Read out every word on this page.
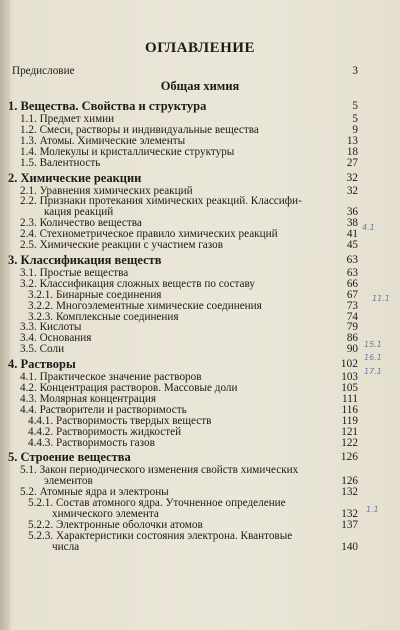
ОГЛАВЛЕНИЕ
Предисловие	3
Общая химия
1. Вещества. Свойства и структура	5
1.1. Предмет химии	5
1.2. Смеси, растворы и индивидуальные вещества	9
1.3. Атомы. Химические элементы	13
1.4. Молекулы и кристаллические структуры	18
1.5. Валентность	27
2. Химические реакции	32
2.1. Уравнения химических реакций	32
2.2. Признаки протекания химических реакций. Классифи-
кация реакций	36
2.3. Количество вещества	38
2.4. Стехиометрическое правило химических реакций	41
2.5. Химические реакции с участием газов	45
3. Классификация веществ	63
3.1. Простые вещества	63
3.2. Классификация сложных веществ по составу	66
3.2.1. Бинарные соединения	67
3.2.2. Многоэлементные химические соединения	73
3.2.3. Комплексные соединения	74
3.3. Кислоты	79
3.4. Основания	86
3.5. Соли	90
4. Растворы	102
4.1. Практическое значение растворов	103
4.2. Концентрация растворов. Массовые доли	105
4.3. Молярная концентрация	111
4.4. Растворители и растворимость	116
4.4.1. Растворимость твердых веществ	119
4.4.2. Растворимость жидкостей	121
4.4.3. Растворимость газов	122
5. Строение вещества	126
5.1. Закон периодического изменения свойств химических
элементов	126
5.2. Атомные ядра и электроны	132
5.2.1. Состав атомного ядра. Уточненное определение
химического элемента	132
5.2.2. Электронные оболочки атомов	137
5.2.3. Характеристики состояния электрона. Квантовые
числа	140
4.1
11.1
15.1
16.1
17.1
1.1
